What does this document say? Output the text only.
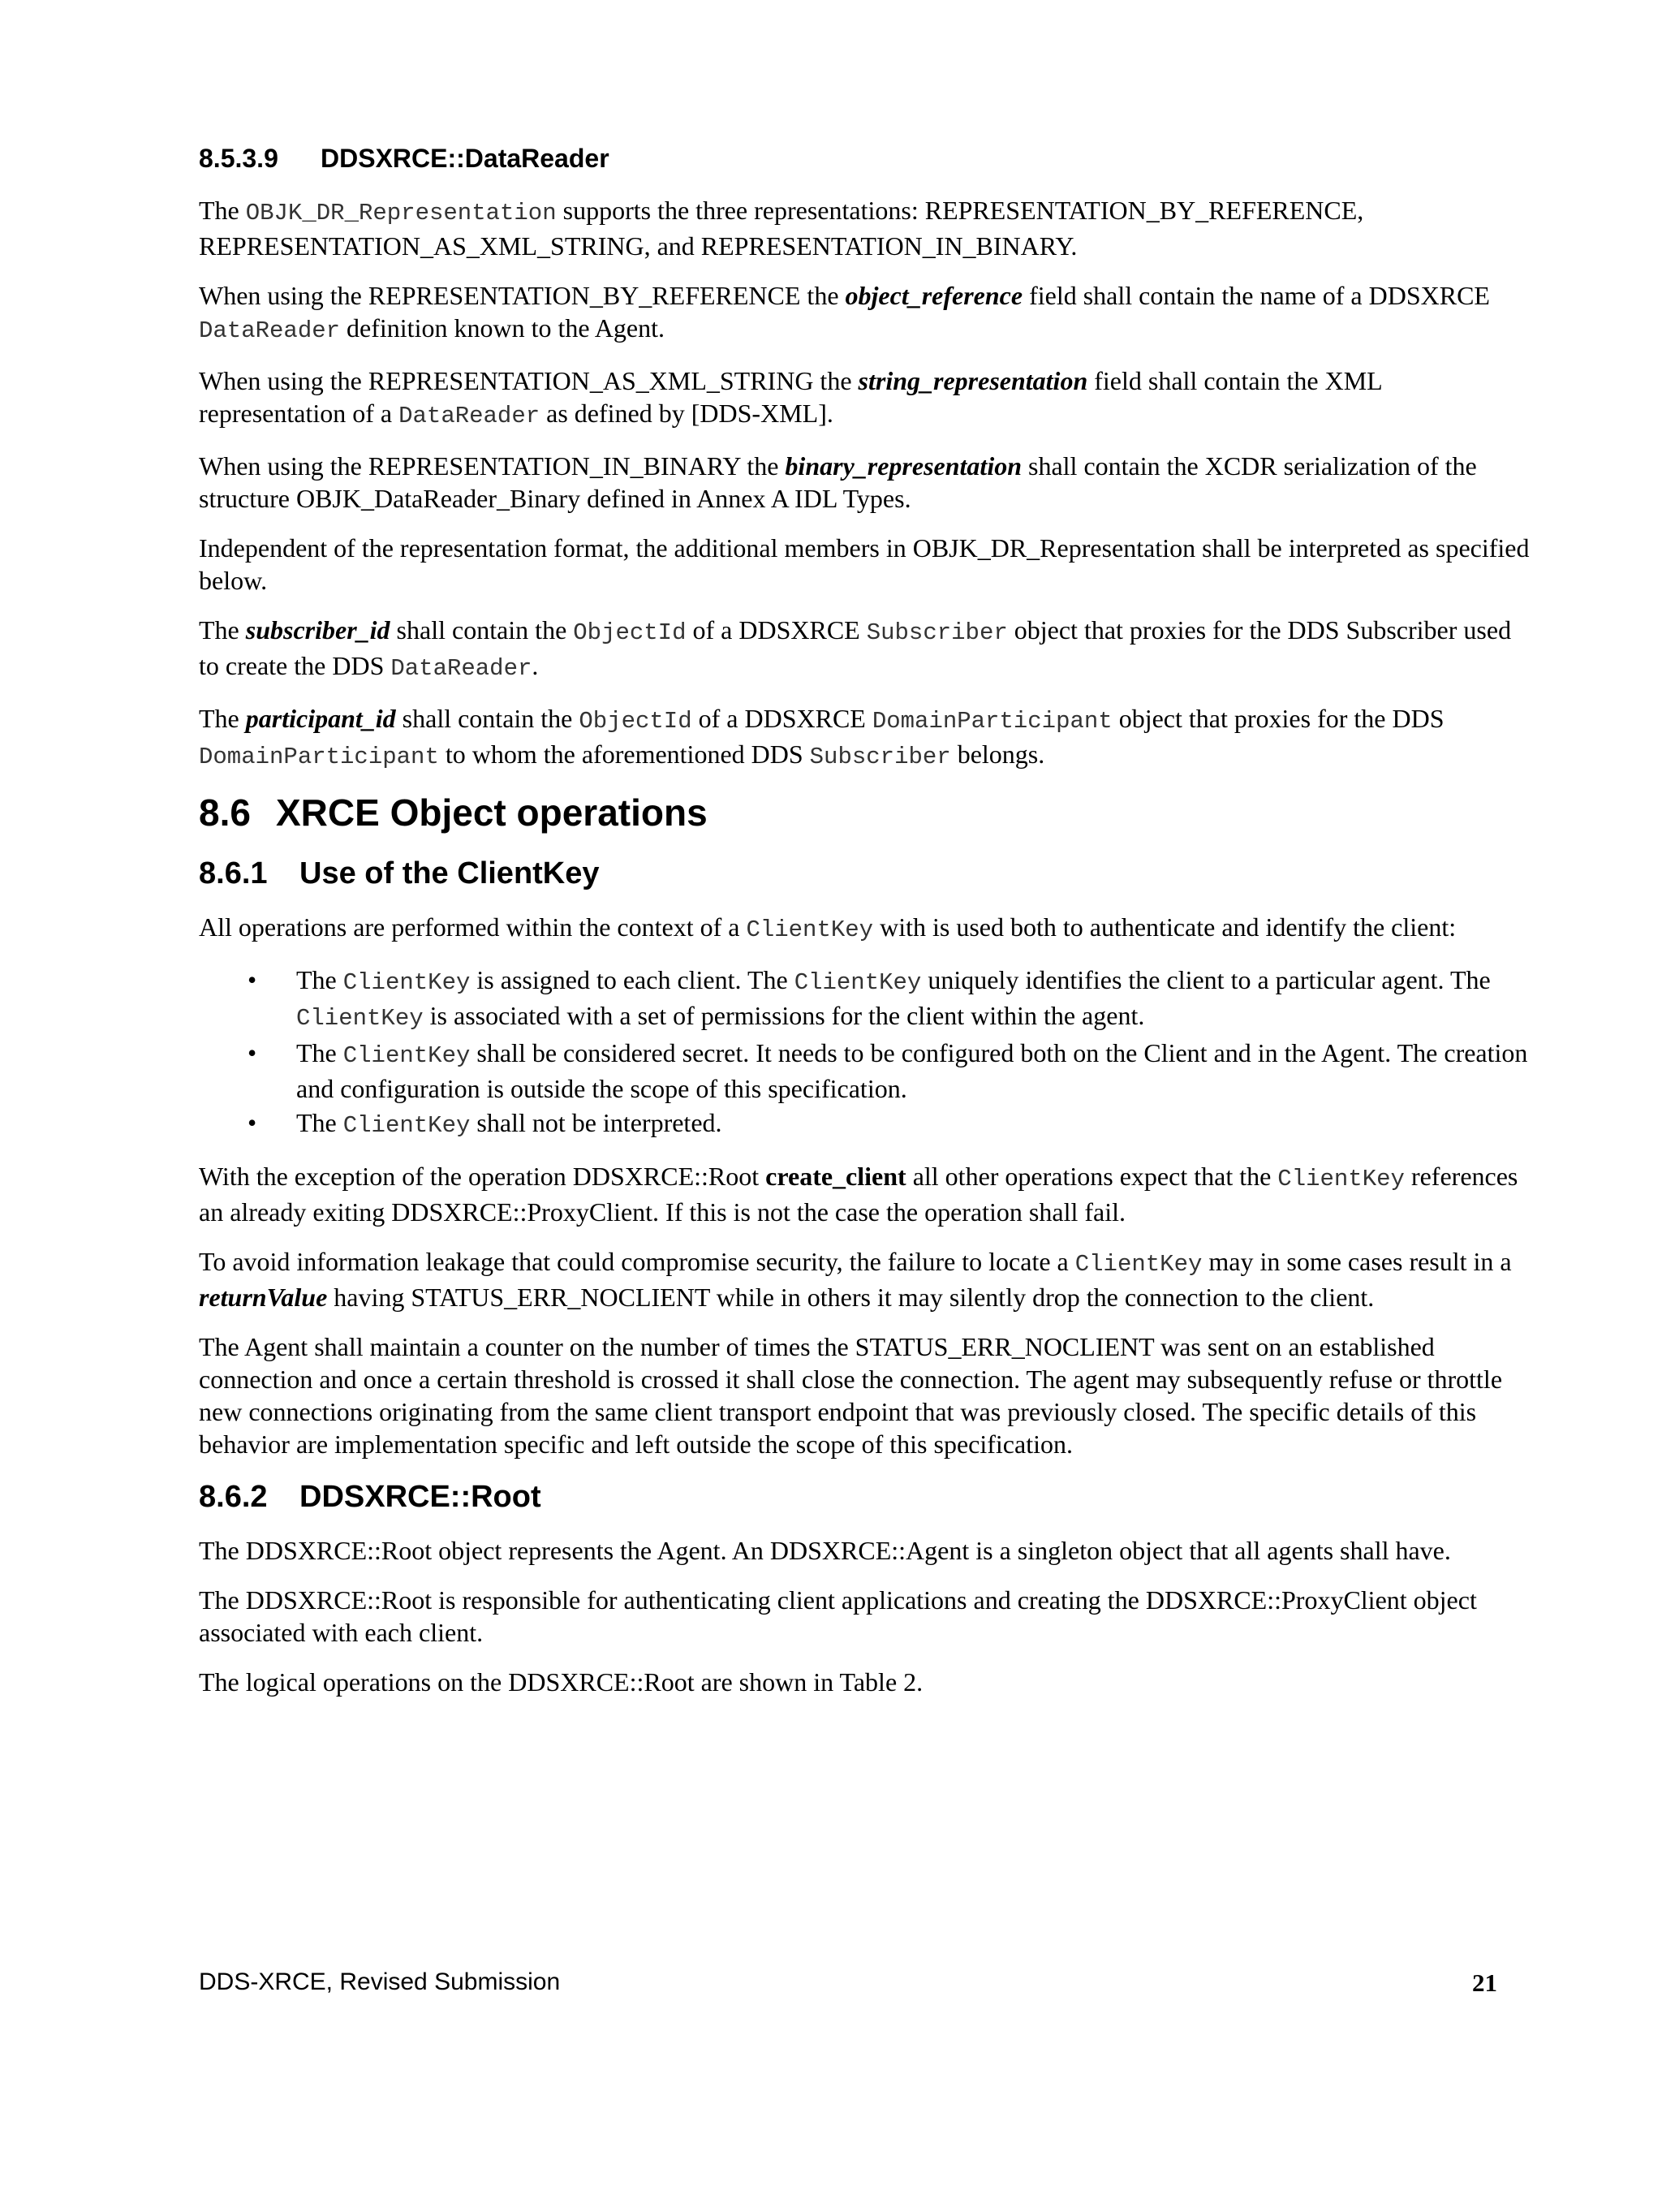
8.5.3.9 DDSXRCE::DataReader

The OBJK_DR_Representation supports the three representations: REPRESENTATION_BY_REFERENCE, REPRESENTATION_AS_XML_STRING, and REPRESENTATION_IN_BINARY.

When using the REPRESENTATION_BY_REFERENCE the object_reference field shall contain the name of a DDSXRCE DataReader definition known to the Agent.

When using the REPRESENTATION_AS_XML_STRING the string_representation field shall contain the XML representation of a DataReader as defined by [DDS-XML].

When using the REPRESENTATION_IN_BINARY the binary_representation shall contain the XCDR serialization of the structure OBJK_DataReader_Binary defined in Annex A IDL Types.

Independent of the representation format, the additional members in OBJK_DR_Representation shall be interpreted as specified below.

The subscriber_id shall contain the ObjectId of a DDSXRCE Subscriber object that proxies for the DDS Subscriber used to create the DDS DataReader.

The participant_id shall contain the ObjectId of a DDSXRCE DomainParticipant object that proxies for the DDS DomainParticipant to whom the aforementioned DDS Subscriber belongs.

8.6 XRCE Object operations
8.6.1 Use of the ClientKey

All operations are performed within the context of a ClientKey with is used both to authenticate and identify the client:

• The ClientKey is assigned to each client. The ClientKey uniquely identifies the client to a particular agent. The ClientKey is associated with a set of permissions for the client within the agent.
• The ClientKey shall be considered secret. It needs to be configured both on the Client and in the Agent. The creation and configuration is outside the scope of this specification.
• The ClientKey shall not be interpreted.

With the exception of the operation DDSXRCE::Root create_client all other operations expect that the ClientKey references an already exiting DDSXRCE::ProxyClient. If this is not the case the operation shall fail.

To avoid information leakage that could compromise security, the failure to locate a ClientKey may in some cases result in a returnValue having STATUS_ERR_NOCLIENT while in others it may silently drop the connection to the client.

The Agent shall maintain a counter on the number of times the STATUS_ERR_NOCLIENT was sent on an established connection and once a certain threshold is crossed it shall close the connection. The agent may subsequently refuse or throttle new connections originating from the same client transport endpoint that was previously closed. The specific details of this behavior are implementation specific and left outside the scope of this specification.

8.6.2 DDSXRCE::Root

The DDSXRCE::Root object represents the Agent. An DDSXRCE::Agent is a singleton object that all agents shall have.

The DDSXRCE::Root is responsible for authenticating client applications and creating the DDSXRCE::ProxyClient object associated with each client.

The logical operations on the DDSXRCE::Root are shown in Table 2.

DDS-XRCE, Revised Submission	21
